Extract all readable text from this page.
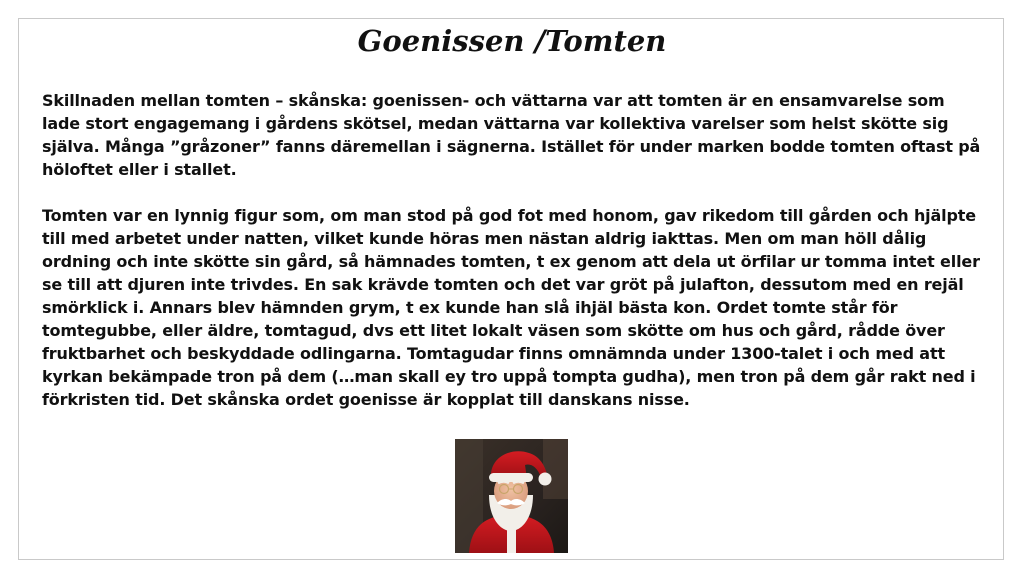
Goenissen /Tomten

Skillnaden mellan tomten – skånska: goenissen- och vättarna var att tomten är en ensamvarelse som lade stort engagemang i gårdens skötsel, medan vättarna var kollektiva varelser som helst skötte sig själva. Många ”gråzoner” fanns däremellan i sägnerna. Istället för under marken bodde tomten oftast på höloftet eller i stallet.

Tomten var en lynnig figur som, om man stod på god fot med honom, gav rikedom till gården och hjälpte till med arbetet under natten, vilket kunde höras men nästan aldrig iakttas. Men om man höll dålig ordning och inte skötte sin gård, så hämnades tomten, t ex genom att dela ut örfilar ur tomma intet eller se till att djuren inte trivdes. En sak krävde tomten och det var gröt på julafton, dessutom med en rejäl smörklick i. Annars blev hämnden grym, t ex kunde han slå ihjäl bästa kon. Ordet tomte står för tomtegubbe, eller äldre, tomtagud, dvs ett litet lokalt väsen som skötte om hus och gård, rådde över fruktbarhet och beskyddade odlingarna. Tomtagudar finns omnämnda under 1300-talet i och med att kyrkan bekämpade tron på dem (…man skall ey tro uppå tompta gudha), men tron på dem går rakt ned i förkristen tid. Det skånska ordet goenisse är kopplat till danskans nisse.
